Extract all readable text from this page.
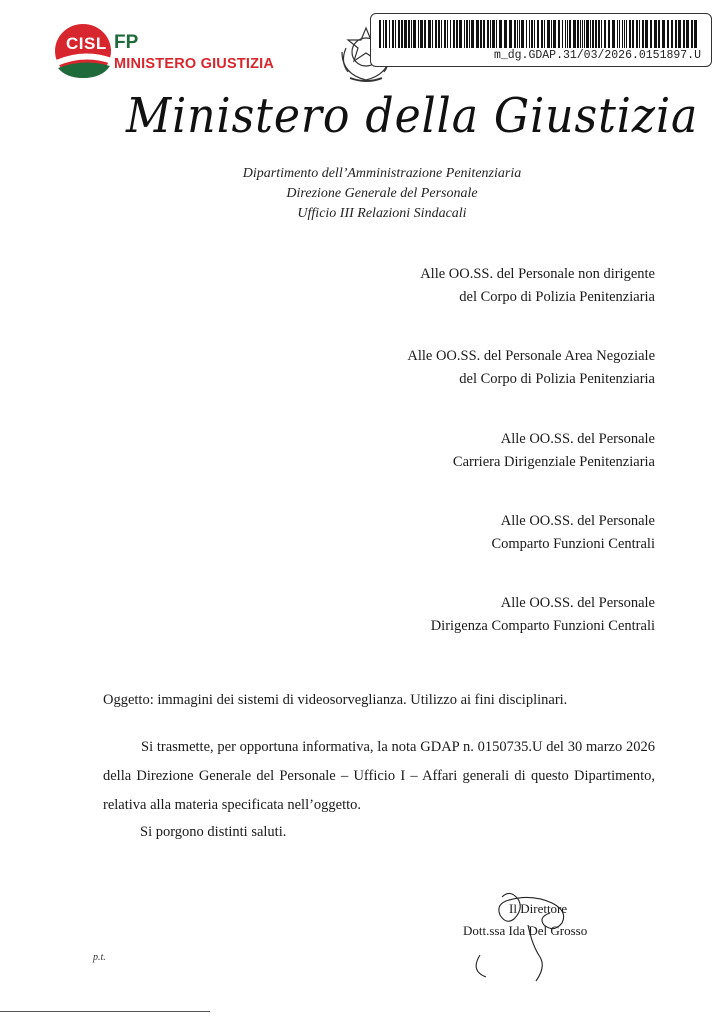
CISL FP
MINISTERO GIUSTIZIA
m_dg.GDAP.31/03/2026.0151897.U
Ministero della Giustizia
Dipartimento dell’Amministrazione Penitenziaria
Direzione Generale del Personale
Ufficio III Relazioni Sindacali
Alle OO.SS. del Personale non dirigente
del Corpo di Polizia Penitenziaria
Alle OO.SS. del Personale Area Negoziale
del Corpo di Polizia Penitenziaria
Alle OO.SS. del Personale
Carriera Dirigenziale Penitenziaria
Alle OO.SS. del Personale
Comparto Funzioni Centrali
Alle OO.SS. del Personale
Dirigenza Comparto Funzioni Centrali
Oggetto: immagini dei sistemi di videosorveglianza. Utilizzo ai fini disciplinari.
Si trasmette, per opportuna informativa, la nota GDAP n. 0150735.U del 30 marzo 2026 della Direzione Generale del Personale – Ufficio I – Affari generali di questo Dipartimento, relativa alla materia specificata nell’oggetto.
Si porgono distinti saluti.
Il Direttore
Dott.ssa Ida Del Grosso
p.t.
